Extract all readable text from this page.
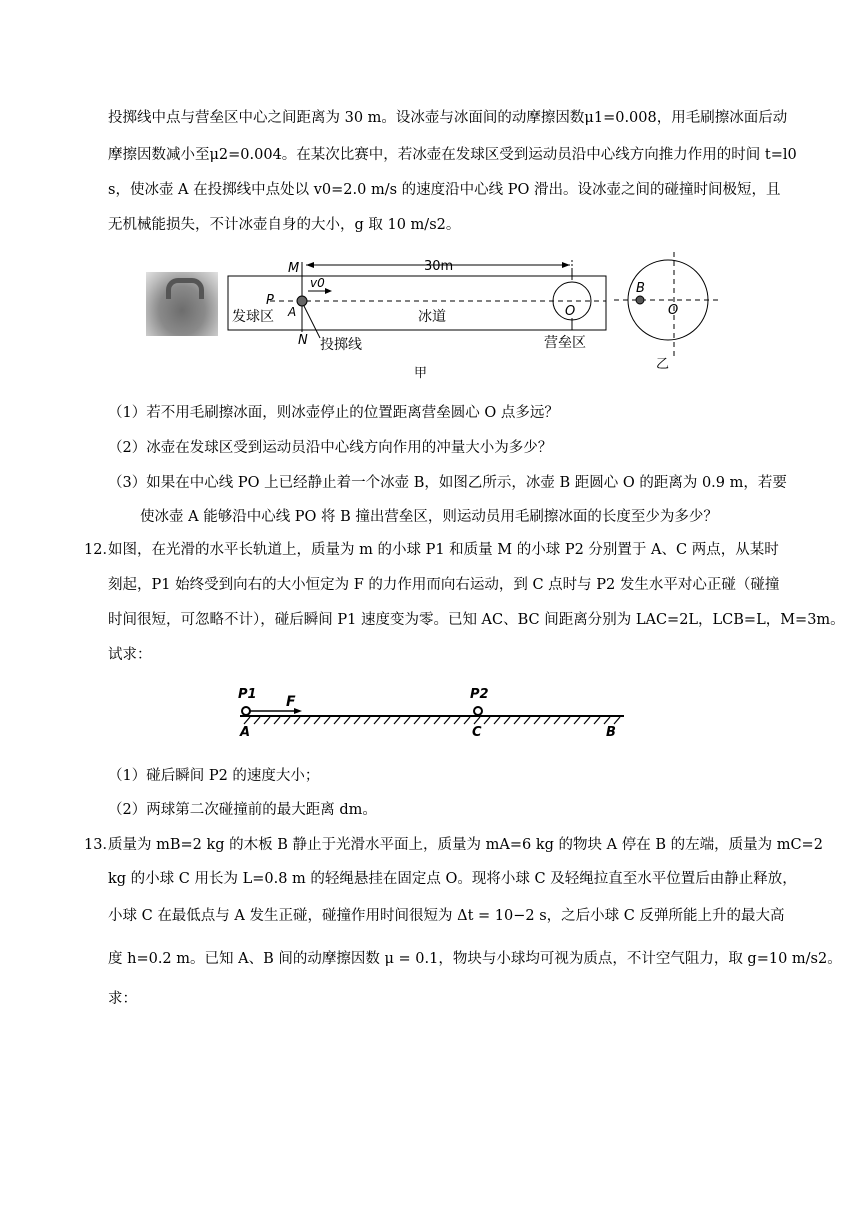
投掷线中点与营垒区中心之间距离为 30 m。设冰壶与冰面间的动摩擦因数μ1=0.008，用毛刷擦冰面后动
摩擦因数减小至μ2=0.004。在某次比赛中，若冰壶在发球区受到运动员沿中心线方向推力作用的时间 t=l0
s，使冰壶 A 在投掷线中点处以 v0=2.0 m/s 的速度沿中心线 PO 滑出。设冰壶之间的碰撞时间极短，且
无机械能损失，不计冰壶自身的大小，g 取 10 m/s2。
M	30m
v0
P
A
发球区	冰道	O
N 投掷线	营垒区
甲
B
O
乙
（1）若不用毛刷擦冰面，则冰壶停止的位置距离营垒圆心 O 点多远？
（2）冰壶在发球区受到运动员沿中心线方向作用的冲量大小为多少？
（3）如果在中心线 PO 上已经静止着一个冰壶 B，如图乙所示，冰壶 B 距圆心 O 的距离为 0.9 m，若要
使冰壶 A 能够沿中心线 PO 将 B 撞出营垒区，则运动员用毛刷擦冰面的长度至少为多少？
12．
如图，在光滑的水平长轨道上，质量为 m 的小球 P1 和质量 M 的小球 P2 分别置于 A、C 两点，从某时
刻起，P1 始终受到向右的大小恒定为 F 的力作用而向右运动，到 C 点时与 P2 发生水平对心正碰（碰撞
时间很短，可忽略不计），碰后瞬间 P1 速度变为零。已知 AC、BC 间距离分别为 LAC=2L，LCB=L，M=3m。
试求：
P1 F	P2
A	C	B
（1）碰后瞬间 P2 的速度大小；
（2）两球第二次碰撞前的最大距离 dm。
13．
质量为 mB=2 kg 的木板 B 静止于光滑水平面上，质量为 mA=6 kg 的物块 A 停在 B 的左端，质量为 mC=2
kg 的小球 C 用长为 L=0.8 m 的轻绳悬挂在固定点 O。现将小球 C 及轻绳拉直至水平位置后由静止释放，
小球 C 在最低点与 A 发生正碰，碰撞作用时间很短为 Δt = 10−2 s，之后小球 C 反弹所能上升的最大高
度 h=0.2 m。已知 A、B 间的动摩擦因数 μ = 0.1，物块与小球均可视为质点，不计空气阻力，取 g=10 m/s2。
求：
